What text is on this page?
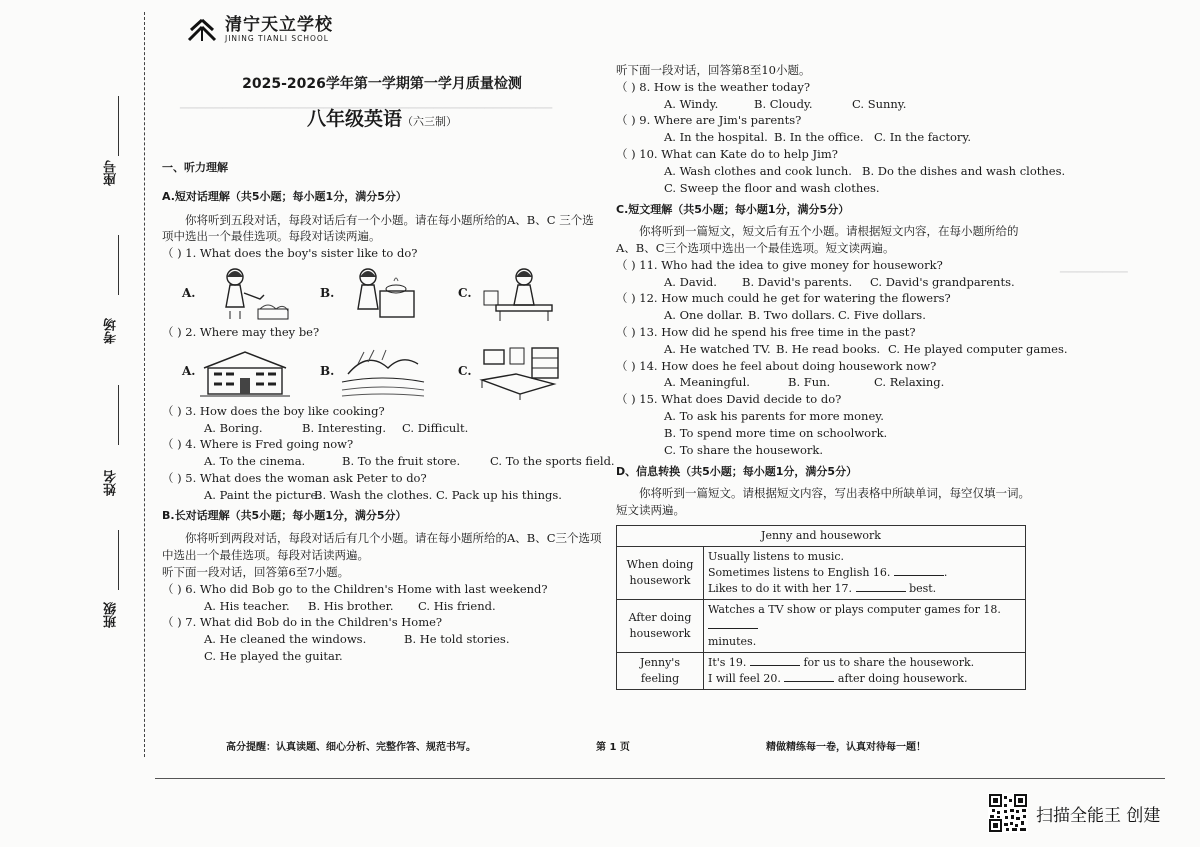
▁▁▁▁▁▁▁▁▁▁▁▁▁▁▁▁▁▁▁▁▁▁▁▁▁▁▁▁▁▁▁▁▁▁▁▁▁▁▁▁▁▁▁▁
▁▁▁▁▁▁▁▁
座号
考场
姓名
班级
清宁天立学校
JINING TIANLI SCHOOL
2025-2026学年第一学期第一学月质量检测
八年级英语（六三制）
一、听力理解
A.短对话理解（共5小题；每小题1分，满分5分）
你将听到五段对话，每段对话后有一个小题。请在每小题所给的A、B、C 三个选项中选出一个最佳选项。每段对话读两遍。
（ ) 1. What does the boy's sister like to do?
A.	B.	C.
（ ) 2. Where may they be?
A.	B.	C.
（ ) 3. How does the boy like cooking?
A. Boring.	B. Interesting. C. Difficult.
（ ) 4. Where is Fred going now?
A. To the cinema.	B. To the fruit store.	C. To the sports field.
（ ) 5. What does the woman ask Peter to do?
A. Paint the picture.B. Wash the clothes. C. Pack up his things.
B.长对话理解（共5小题；每小题1分，满分5分）
你将听到两段对话，每段对话后有几个小题。请在每小题所给的A、B、C三个选项中选出一个最佳选项。每段对话读两遍。
听下面一段对话，回答第6至7小题。
（ ) 6. Who did Bob go to the Children's Home with last weekend?
A. His teacher. B. His brother. C. His friend.
（ ) 7. What did Bob do in the Children's Home?
A. He cleaned the windows.	B. He told stories.
C. He played the guitar.
听下面一段对话，回答第8至10小题。
（ ) 8. How is the weather today?
A. Windy.	B. Cloudy.	C. Sunny.
（ ) 9. Where are Jim's parents?
A. In the hospital. B. In the office. C. In the factory.
（ ) 10. What can Kate do to help Jim?
A. Wash clothes and cook lunch. B. Do the dishes and wash clothes.
C. Sweep the floor and wash clothes.
C.短文理解（共5小题；每小题1分，满分5分）
你将听到一篇短文，短文后有五个小题。请根据短文内容，在每小题所给的A、B、C三个选项中选出一个最佳选项。短文读两遍。
（ ) 11. Who had the idea to give money for housework?
A. David. B. David's parents. C. David's grandparents.
（ ) 12. How much could he get for watering the flowers?
A. One dollar. B. Two dollars. C. Five dollars.
（ ) 13. How did he spend his free time in the past?
A. He watched TV. B. He read books. C. He played computer games.
（ ) 14. How does he feel about doing housework now?
A. Meaningful.	B. Fun.	C. Relaxing.
（ ) 15. What does David decide to do?
A. To ask his parents for more money.
B. To spend more time on schoolwork.
C. To share the housework.
D、信息转换（共5小题；每小题1分，满分5分）
你将听到一篇短文。请根据短文内容，写出表格中所缺单词，每空仅填一词。短文读两遍。
Jenny and housework	
When doing housework	Usually listens to music.
Sometimes listens to English 16. .
Likes to do it with her 17. best.

After doing housework	Watches a TV show or plays computer games for 18.
minutes.

Jenny's feeling	It's 19. for us to share the housework.
I will feel 20. after doing housework.
高分提醒：认真读题、细心分析、完整作答、规范书写。	第 1 页	精做精练每一卷，认真对待每一题！
扫描全能王 创建
